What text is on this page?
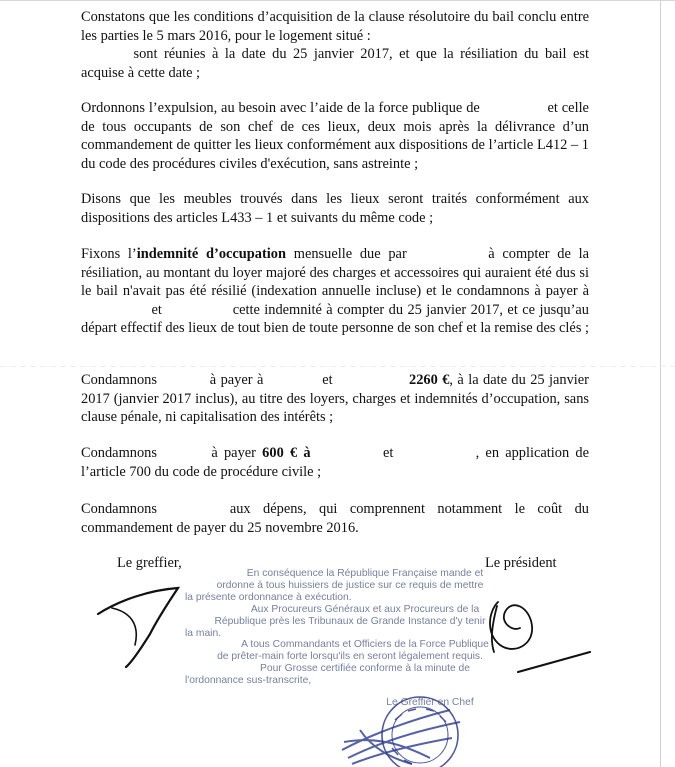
Constatons que les conditions d’acquisition de la clause résolutoire du bail conclu entre les parties le 5 mars 2016, pour le logement situé :
sont réunies à la date du 25 janvier 2017, et que la résiliation du bail est acquise à cette date ;

Ordonnons l’expulsion, au besoin avec l’aide de la force publique de	et celle de tous occupants de son chef de ces lieux, deux mois après la délivrance d’un commandement de quitter les lieux conformément aux dispositions de l’article L412 – 1 du code des procédures civiles d'exécution, sans astreinte ;

Disons que les meubles trouvés dans les lieux seront traités conformément aux dispositions des articles L433 – 1 et suivants du même code ;

Fixons l’indemnité d’occupation mensuelle due par	à compter de la résiliation, au montant du loyer majoré des charges et accessoires qui auraient été dus si le bail n'avait pas été résilié (indexation annuelle incluse) et le condamnons à payer à  et	cette indemnité à compter du 25 janvier 2017, et ce jusqu’au départ effectif des lieux de tout bien de toute personne de son chef et la remise des clés ;

Condamnons	à payer à	et	2260 €, à la date du 25 janvier 2017 (janvier 2017 inclus), au titre des loyers, charges et indemnités d’occupation, sans clause pénale, ni capitalisation des intérêts ;

Condamnons	à payer 600 € à	et	, en application de l’article 700 du code de procédure civile ;

Condamnons	aux dépens, qui comprennent notamment le coût du commandement de payer du 25 novembre 2016.

Le greffier,	Le président
En conséquence la République Française mande et
ordonne à tous huissiers de justice sur ce requis de mettre
la présente ordonnance à exécution.
Aux Procureurs Généraux et aux Procureurs de la
République près les Tribunaux de Grande Instance d'y tenir
la main.
A tous Commandants et Officiers de la Force Publique
de prêter-main forte lorsqu'ils en seront légalement requis.
Pour Grosse certifiée conforme à la minute de
l'ordonnance sus-transcrite,
Le Greffier en Chef
